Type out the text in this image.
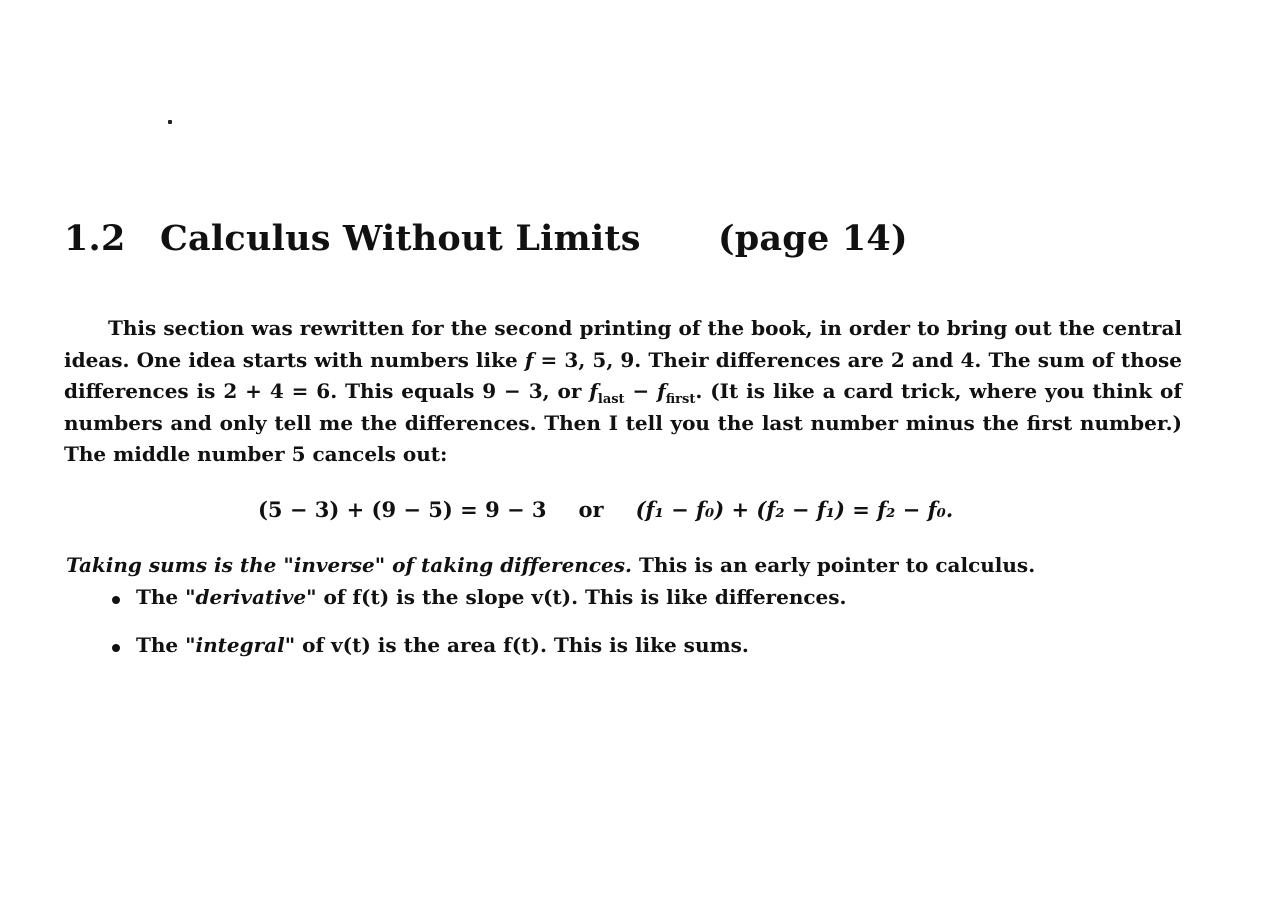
1.2 Calculus Without Limits (page 14)

This section was rewritten for the second printing of the book, in order to bring out the central ideas. One idea starts with numbers like f = 3, 5, 9. Their differences are 2 and 4. The sum of those differences is 2 + 4 = 6. This equals 9 − 3, or $f_{last} - f_{first}$. (It is like a card trick, where you think of numbers and only tell me the differences. Then I tell you the last number minus the first number.) The middle number 5 cancels out:

(5 − 3) + (9 − 5) = 9 − 3 or (f₁ − f₀) + (f₂ − f₁) = f₂ − f₀.

Taking sums is the "inverse" of taking differences. This is an early pointer to calculus.

The "derivative" of f(t) is the slope v(t). This is like differences.
The "integral" of v(t) is the area f(t). This is like sums.
